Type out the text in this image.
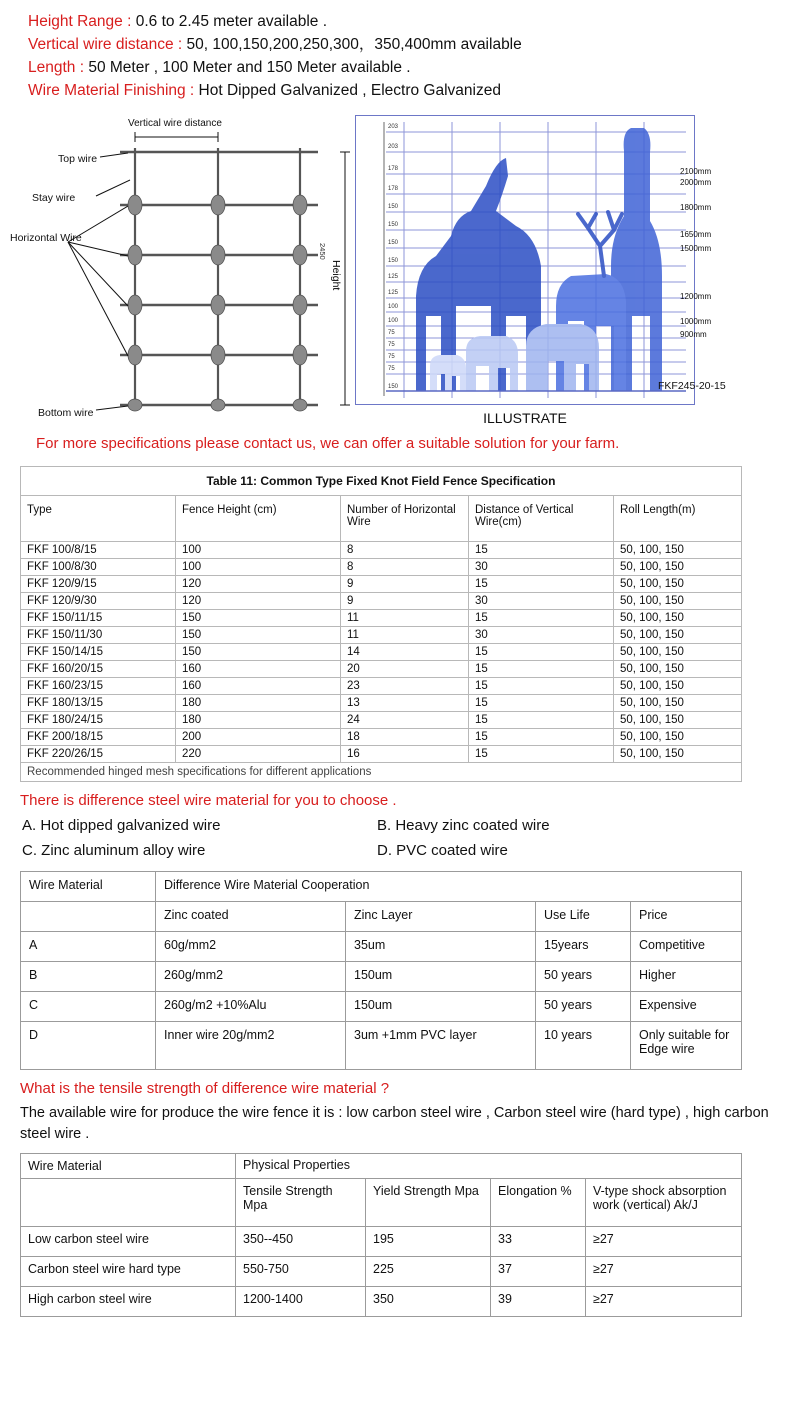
Height Range : 0.6 to 2.45 meter available .
Vertical wire distance : 50, 100,150,200,250,300，350,400mm available
Length : 50 Meter , 100 Meter and 150 Meter available .
Wire Material Finishing : Hot Dipped Galvanized , Electro Galvanized
Vertical wire distance
Top wire
Stay wire
Horizontal Wire
Bottom wire
Height
2450
203
203
178
178
150
150
150
150
125
125
100
100
75
75
75
75
150	FKF245-20-15
2100mm
2000mm
1800mm
1650mm
1500mm
1200mm
1000mm
900mm
ILLUSTRATE
For more specifications please contact us, we can offer a suitable solution for your farm.
Table 11: Common Type Fixed Knot Field Fence Specification				
Type	Fence Height (cm)	Number of Horizontal Wire	Distance of Vertical Wire(cm)	Roll Length(m)
FKF 100/8/15	100	8	15	50, 100, 150
FKF 100/8/30	100	8	30	50, 100, 150
FKF 120/9/15	120	9	15	50, 100, 150
FKF 120/9/30	120	9	30	50, 100, 150
FKF 150/11/15	150	11	15	50, 100, 150
FKF 150/11/30	150	11	30	50, 100, 150
FKF 150/14/15	150	14	15	50, 100, 150
FKF 160/20/15	160	20	15	50, 100, 150
FKF 160/23/15	160	23	15	50, 100, 150
FKF 180/13/15	180	13	15	50, 100, 150
FKF 180/24/15	180	24	15	50, 100, 150
FKF 200/18/15	200	18	15	50, 100, 150
FKF 220/26/15	220	16	15	50, 100, 150
Recommended hinged mesh specifications for different applications				
There is difference steel wire material for you to choose .
A. Hot dipped galvanized wire	B. Heavy zinc coated wire
C. Zinc aluminum alloy wire	D. PVC coated wire
Wire Material	Difference Wire Material Cooperation			
	Zinc coated	Zinc Layer	Use Life	Price
A	60g/mm2	35um	15years	Competitive
B	260g/mm2	150um	50 years	Higher
C	260g/m2 +10%Alu	150um	50 years	Expensive
D	Inner wire 20g/mm2	3um +1mm PVC layer	10 years	Only suitable for Edge wire
What is the tensile strength of difference wire material ?
The available wire for produce the wire fence it is : low carbon steel wire , Carbon steel wire (hard type) , high carbon steel wire .
Wire Material	Physical Properties			
	Tensile Strength Mpa	Yield Strength Mpa	Elongation %	V-type shock absorption work (vertical) Ak/J
Low carbon steel wire	350--450	195	33	≥27
Carbon steel wire hard type	550-750	225	37	≥27
High carbon steel wire	1200-1400	350	39	≥27
